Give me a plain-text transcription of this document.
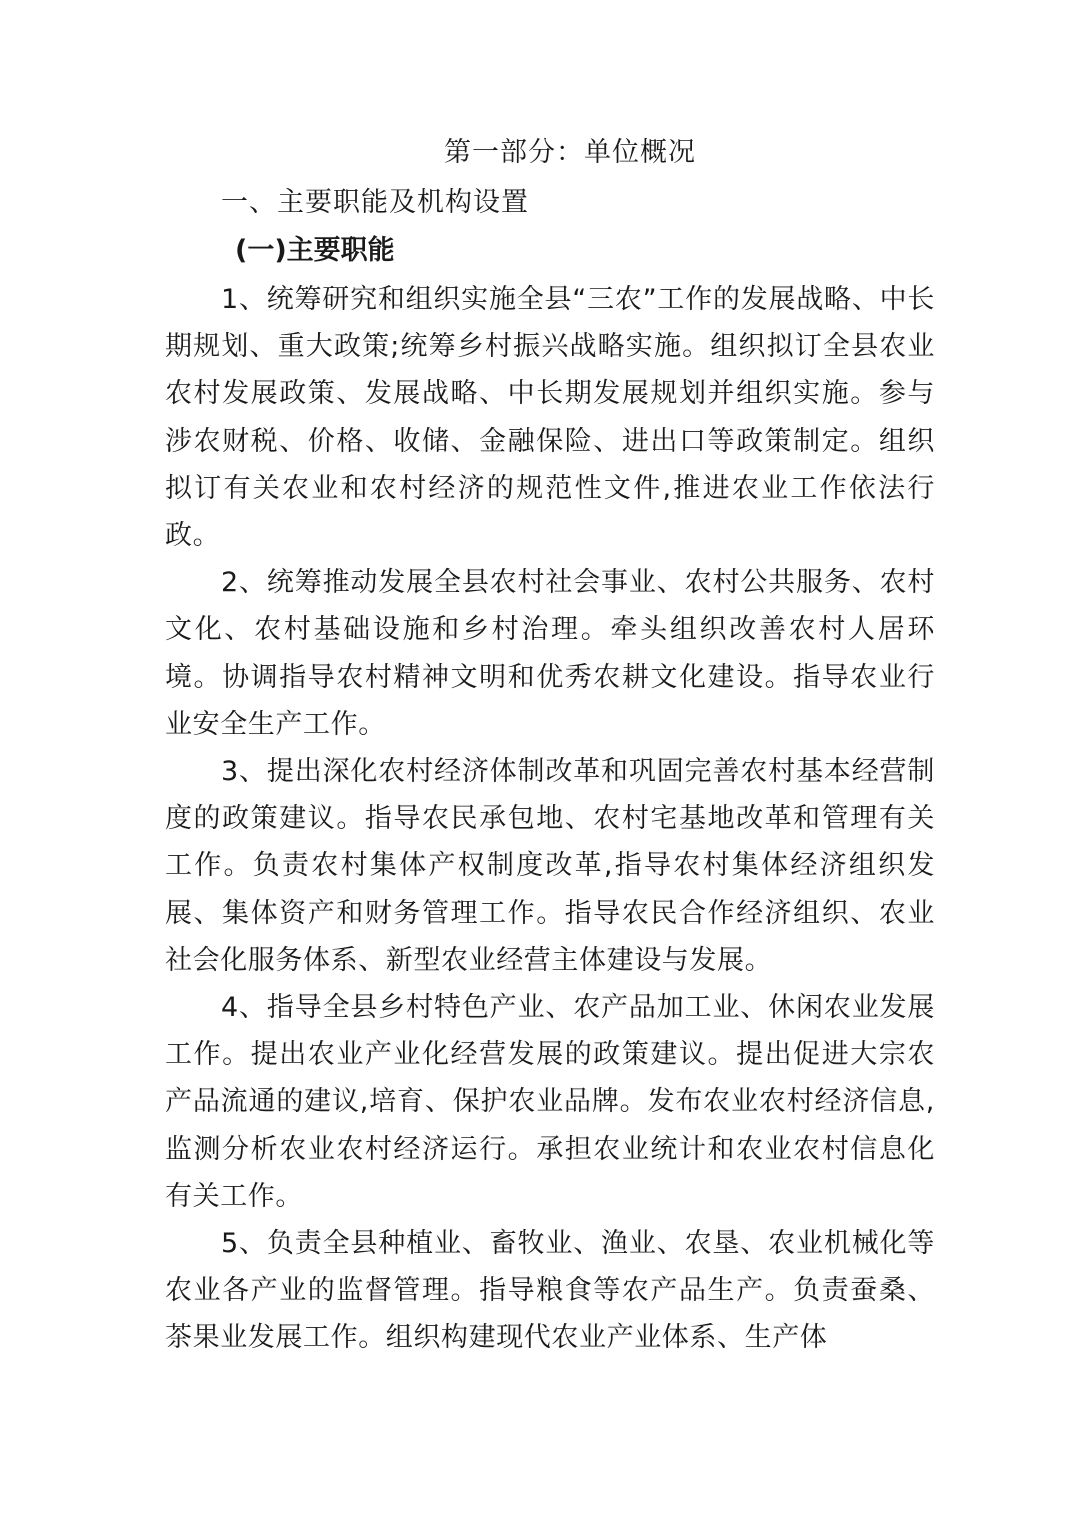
第一部分：单位概况
一、主要职能及机构设置
(一)主要职能

1、统筹研究和组织实施全县“三农”工作的发展战略、中长期规划、重大政策;统筹乡村振兴战略实施。组织拟订全县农业农村发展政策、发展战略、中长期发展规划并组织实施。参与涉农财税、价格、收储、金融保险、进出口等政策制定。组织拟订有关农业和农村经济的规范性文件,推进农业工作依法行政。

2、统筹推动发展全县农村社会事业、农村公共服务、农村文化、农村基础设施和乡村治理。牵头组织改善农村人居环境。协调指导农村精神文明和优秀农耕文化建设。指导农业行业安全生产工作。

3、提出深化农村经济体制改革和巩固完善农村基本经营制度的政策建议。指导农民承包地、农村宅基地改革和管理有关工作。负责农村集体产权制度改革,指导农村集体经济组织发展、集体资产和财务管理工作。指导农民合作经济组织、农业社会化服务体系、新型农业经营主体建设与发展。

4、指导全县乡村特色产业、农产品加工业、休闲农业发展工作。提出农业产业化经营发展的政策建议。提出促进大宗农产品流通的建议,培育、保护农业品牌。发布农业农村经济信息,监测分析农业农村经济运行。承担农业统计和农业农村信息化有关工作。

5、负责全县种植业、畜牧业、渔业、农垦、农业机械化等农业各产业的监督管理。指导粮食等农产品生产。负责蚕桑、茶果业发展工作。组织构建现代农业产业体系、生产体
